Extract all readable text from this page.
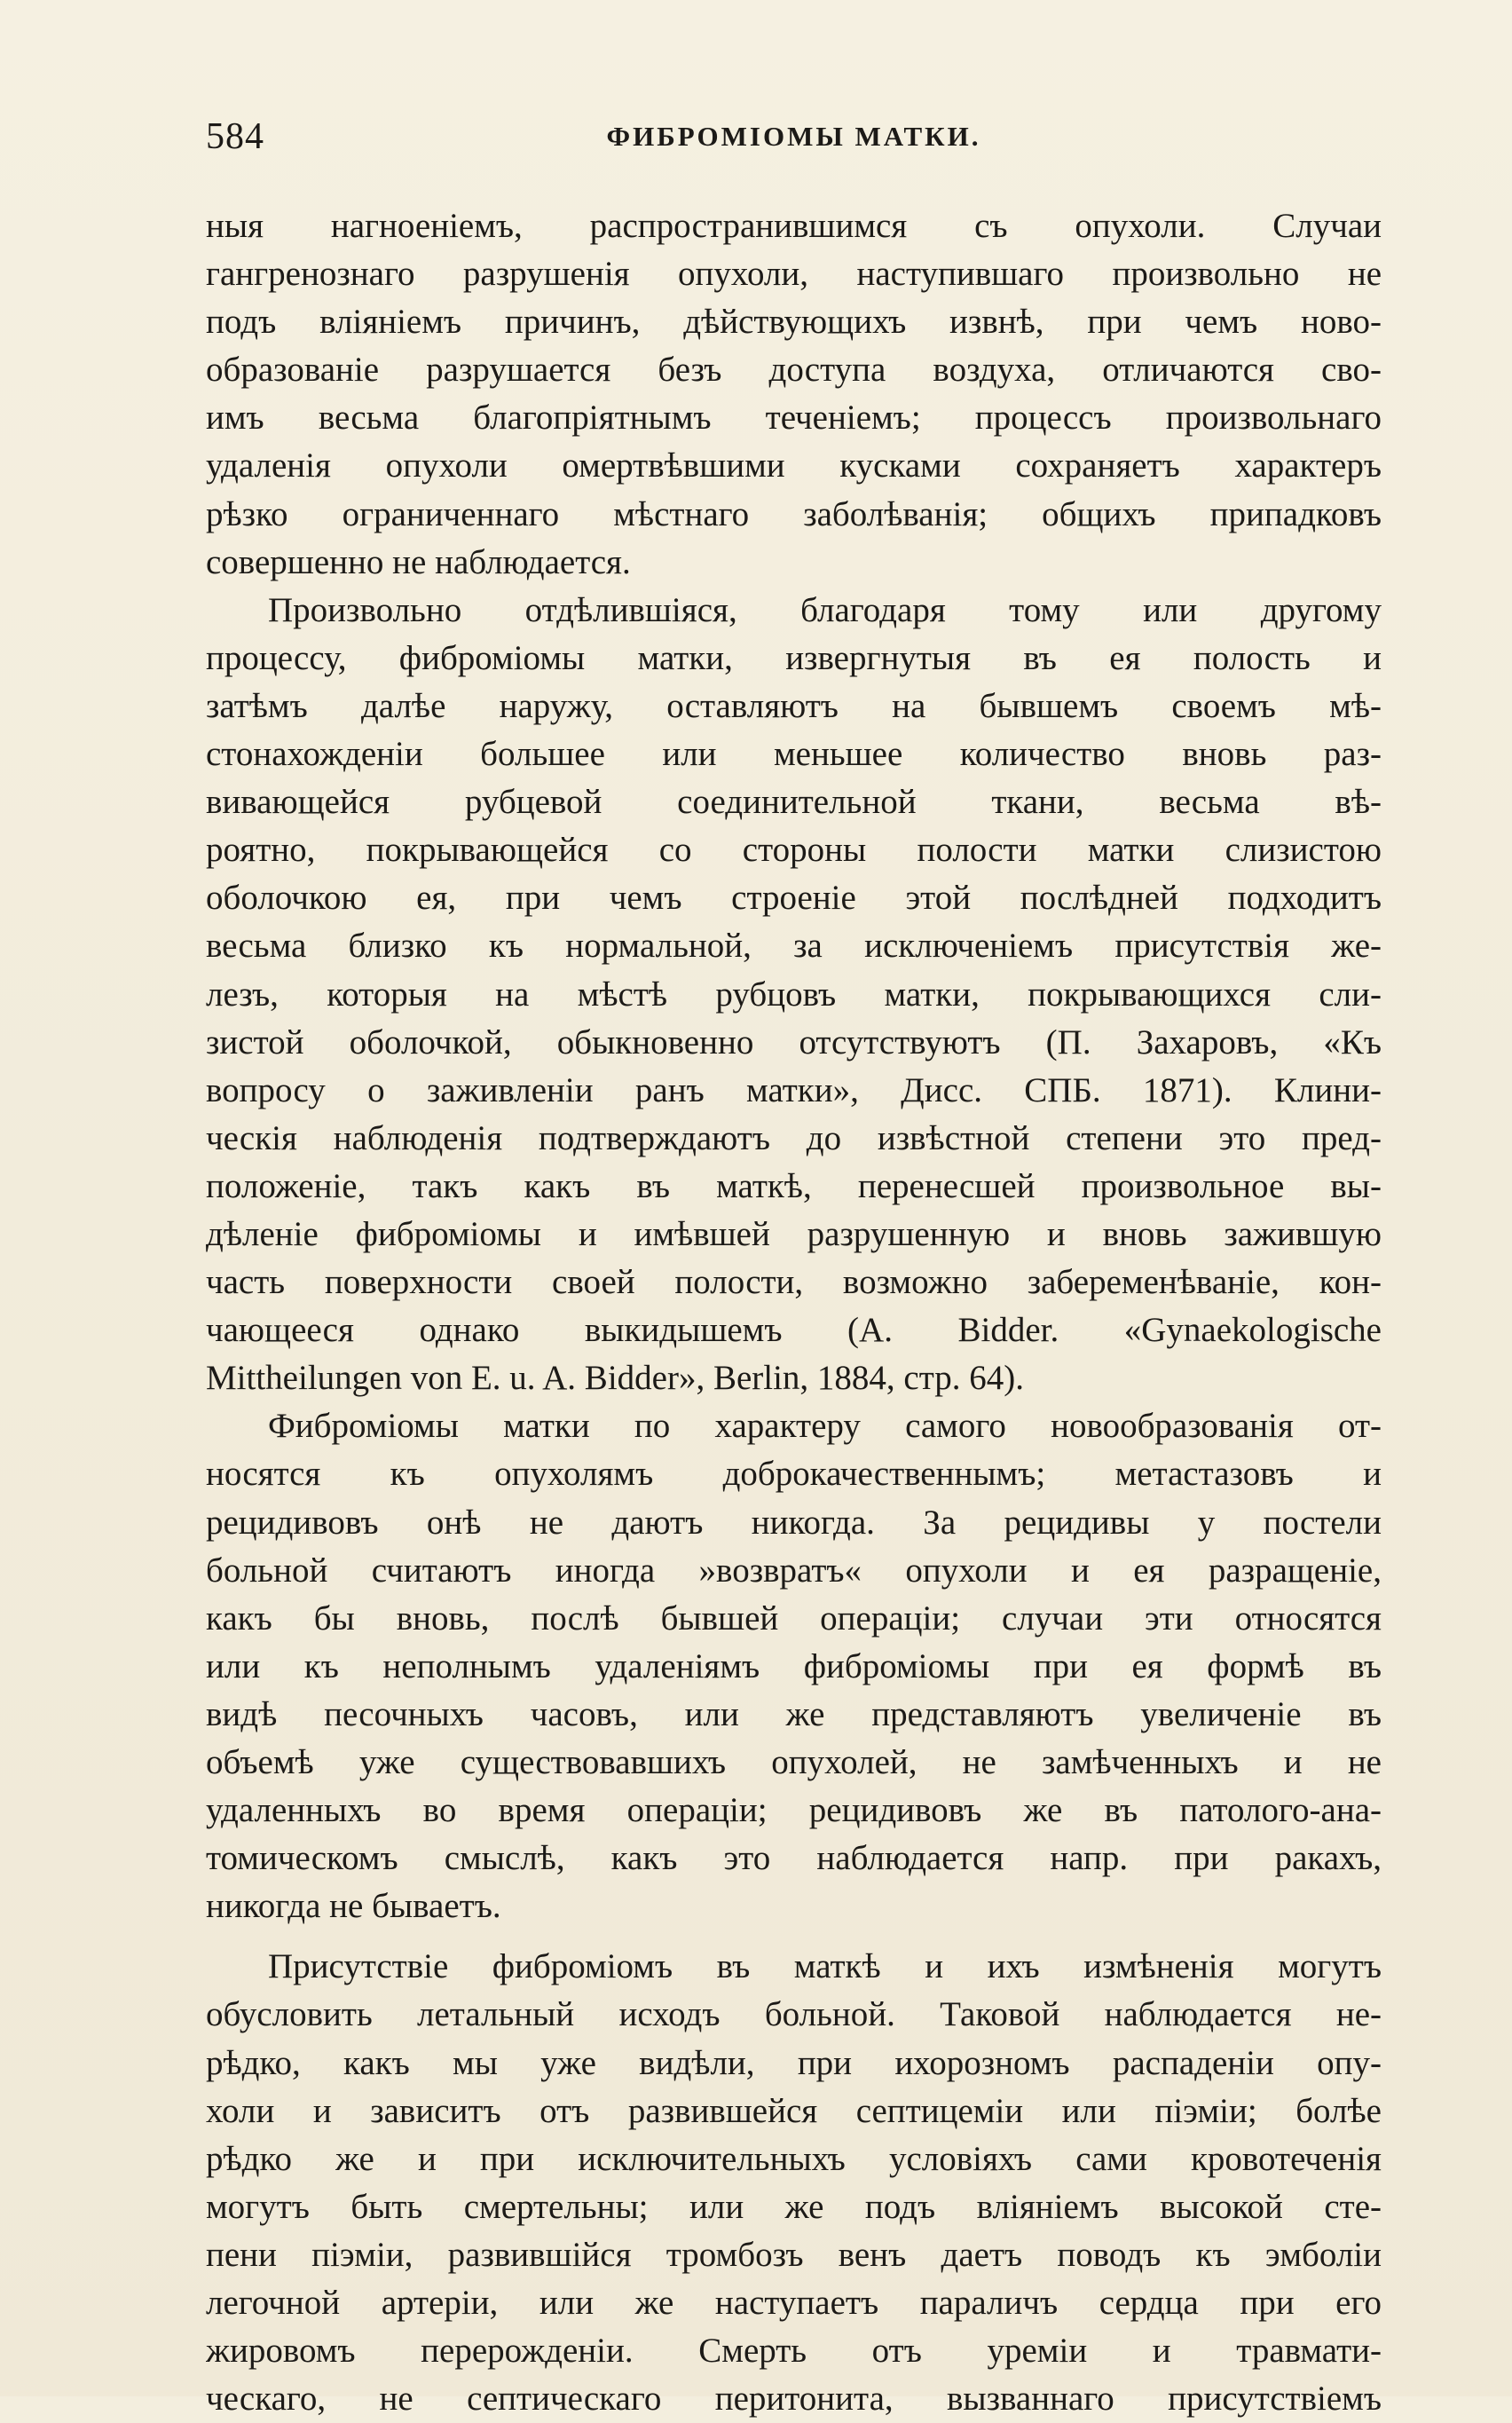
584	ФИБРОМІОМЫ МАТКИ.
ныя нагноеніемъ, распространившимся съ опухоли. Случаи
гангренознаго разрушенія опухоли, наступившаго произвольно не
подъ вліяніемъ причинъ, дѣйствующихъ извнѣ, при чемъ ново-
образованіе разрушается безъ доступа воздуха, отличаются сво-
имъ весьма благопріятнымъ теченіемъ; процессъ произвольнаго
удаленія опухоли омертвѣвшими кусками сохраняетъ характеръ
рѣзко ограниченнаго мѣстнаго заболѣванія; общихъ припадковъ
совершенно не наблюдается.
Произвольно отдѣлившіяся, благодаря тому или другому
процессу, фиброміомы матки, извергнутыя въ ея полость и
затѣмъ далѣе наружу, оставляютъ на бывшемъ своемъ мѣ-
стонахожденіи большее или меньшее количество вновь раз-
вивающейся рубцевой соединительной ткани, весьма вѣ-
роятно, покрывающейся со стороны полости матки слизистою
оболочкою ея, при чемъ строеніе этой послѣдней подходитъ
весьма близко къ нормальной, за исключеніемъ присутствія же-
лезъ, которыя на мѣстѣ рубцовъ матки, покрывающихся сли-
зистой оболочкой, обыкновенно отсутствуютъ (П. Захаровъ, «Къ
вопросу о заживленіи ранъ матки», Дисс. СПБ. 1871). Клини-
ческія наблюденія подтверждаютъ до извѣстной степени это пред-
положеніе, такъ какъ въ маткѣ, перенесшей произвольное вы-
дѣленіе фиброміомы и имѣвшей разрушенную и вновь зажившую
часть поверхности своей полости, возможно забеременѣваніе, кон-
чающееся однако выкидышемъ (A. Bidder. «Gynaekologische
Mittheilungen von E. u. A. Bidder», Berlin, 1884, стр. 64).
Фиброміомы матки по характеру самого новообразованія от-
носятся къ опухолямъ доброкачественнымъ; метастазовъ и
рецидивовъ онѣ не даютъ никогда. За рецидивы у постели
больной считаютъ иногда »возвратъ« опухоли и ея разращеніе,
какъ бы вновь, послѣ бывшей операціи; случаи эти относятся
или къ неполнымъ удаленіямъ фиброміомы при ея формѣ въ
видѣ песочныхъ часовъ, или же представляютъ увеличеніе въ
объемѣ уже существовавшихъ опухолей, не замѣченныхъ и не
удаленныхъ во время операціи; рецидивовъ же въ патолого-ана-
томическомъ смыслѣ, какъ это наблюдается напр. при ракахъ,
никогда не бываетъ.
Присутствіе фиброміомъ въ маткѣ и ихъ измѣненія могутъ
обусловить летальный исходъ больной. Таковой наблюдается не-
рѣдко, какъ мы уже видѣли, при ихорозномъ распаденіи опу-
холи и зависитъ отъ развившейся септицеміи или піэміи; болѣе
рѣдко же и при исключительныхъ условіяхъ сами кровотеченія
могутъ быть смертельны; или же подъ вліяніемъ высокой сте-
пени піэміи, развившійся тромбозъ венъ даетъ поводъ къ эмболіи
легочной артеріи, или же наступаетъ параличъ сердца при его
жировомъ перерожденіи. Смерть отъ уреміи и травмати-
ческаго, не септическаго перитонита, вызваннаго присутствіемъ
